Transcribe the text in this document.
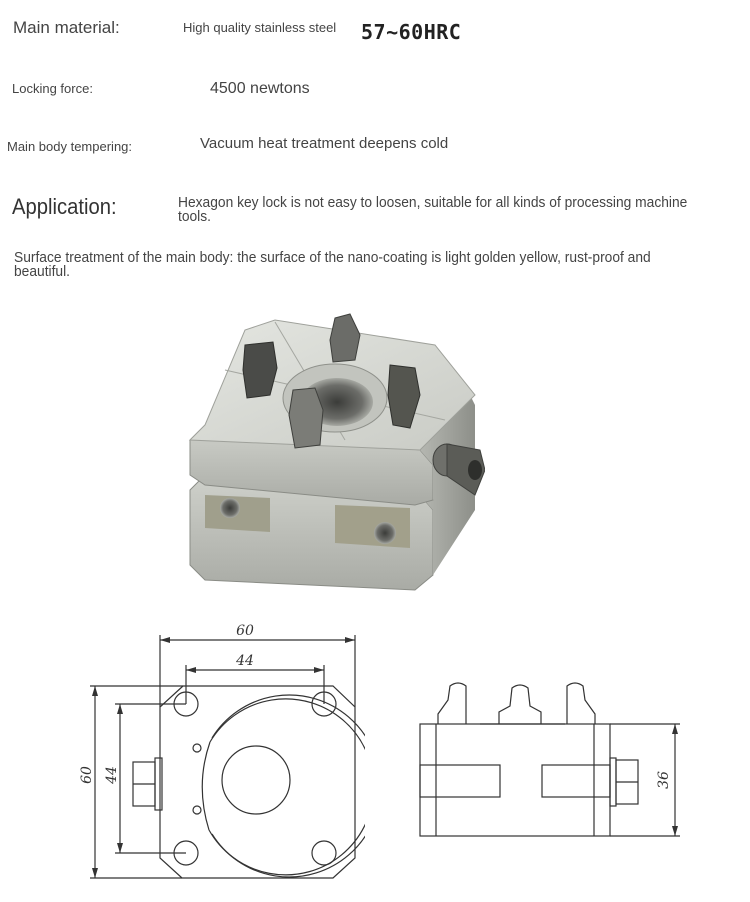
Main material:	High quality stainless steel 57~60HRC
Locking force:	4500 newtons
Main body tempering:	Vacuum heat treatment deepens cold
Application:	Hexagon key lock is not easy to loosen, suitable for all kinds of processing machine tools.
Surface treatment of the main body: the surface of the nano-coating is light golden yellow, rust-proof and beautiful.
60
44
60 44	36
